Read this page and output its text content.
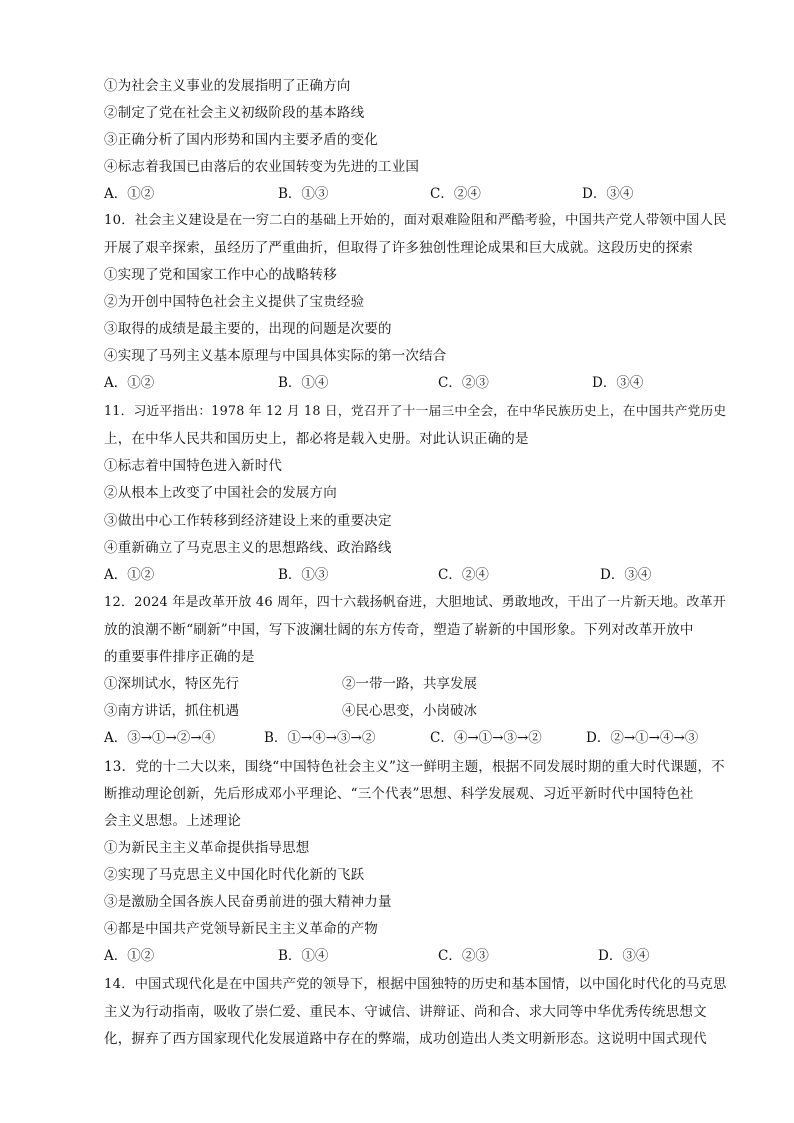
①为社会主义事业的发展指明了正确方向
②制定了党在社会主义初级阶段的基本路线
③正确分析了国内形势和国内主要矛盾的变化
④标志着我国已由落后的农业国转变为先进的工业国
A．①②	B．①③	C．②④	D．③④
10．社会主义建设是在一穷二白的基础上开始的，面对艰难险阻和严酷考验，中国共产党人带领中国人民
开展了艰辛探索，虽经历了严重曲折，但取得了许多独创性理论成果和巨大成就。这段历史的探索
①实现了党和国家工作中心的战略转移
②为开创中国特色社会主义提供了宝贵经验
③取得的成绩是最主要的，出现的问题是次要的
④实现了马列主义基本原理与中国具体实际的第一次结合
A．①②	B．①④	C．②③	D．③④
11．习近平指出：1978 年 12 月 18 日，党召开了十一届三中全会，在中华民族历史上，在中国共产党历史
上，在中华人民共和国历史上，都必将是载入史册。对此认识正确的是
①标志着中国特色进入新时代
②从根本上改变了中国社会的发展方向
③做出中心工作转移到经济建设上来的重要决定
④重新确立了马克思主义的思想路线、政治路线
A．①②	B．①③	C．②④	D．③④
12．2024 年是改革开放 46 周年，四十六载扬帆奋进，大胆地试、勇敢地改，干出了一片新天地。改革开
放的浪潮不断“刷新”中国，写下波澜壮阔的东方传奇，塑造了崭新的中国形象。下列对改革开放中
的重要事件排序正确的是
①深圳试水，特区先行	②一带一路，共享发展
③南方讲话，抓住机遇	④民心思变，小岗破冰
A．③→①→②→④	B．①→④→③→②	C．④→①→③→②	D．②→①→④→③
13．党的十二大以来，围绕“中国特色社会主义”这一鲜明主题，根据不同发展时期的重大时代课题，不
断推动理论创新，先后形成邓小平理论、“三个代表”思想、科学发展观、习近平新时代中国特色社
会主义思想。上述理论
①为新民主主义革命提供指导思想
②实现了马克思主义中国化时代化新的飞跃
③是激励全国各族人民奋勇前进的强大精神力量
④都是中国共产党领导新民主主义革命的产物
A．①②	B．①④	C．②③	D．③④
14．中国式现代化是在中国共产党的领导下，根据中国独特的历史和基本国情，以中国化时代化的马克思
主义为行动指南，吸收了崇仁爱、重民本、守诚信、讲辩证、尚和合、求大同等中华优秀传统思想文
化，摒弃了西方国家现代化发展道路中存在的弊端，成功创造出人类文明新形态。这说明中国式现代
